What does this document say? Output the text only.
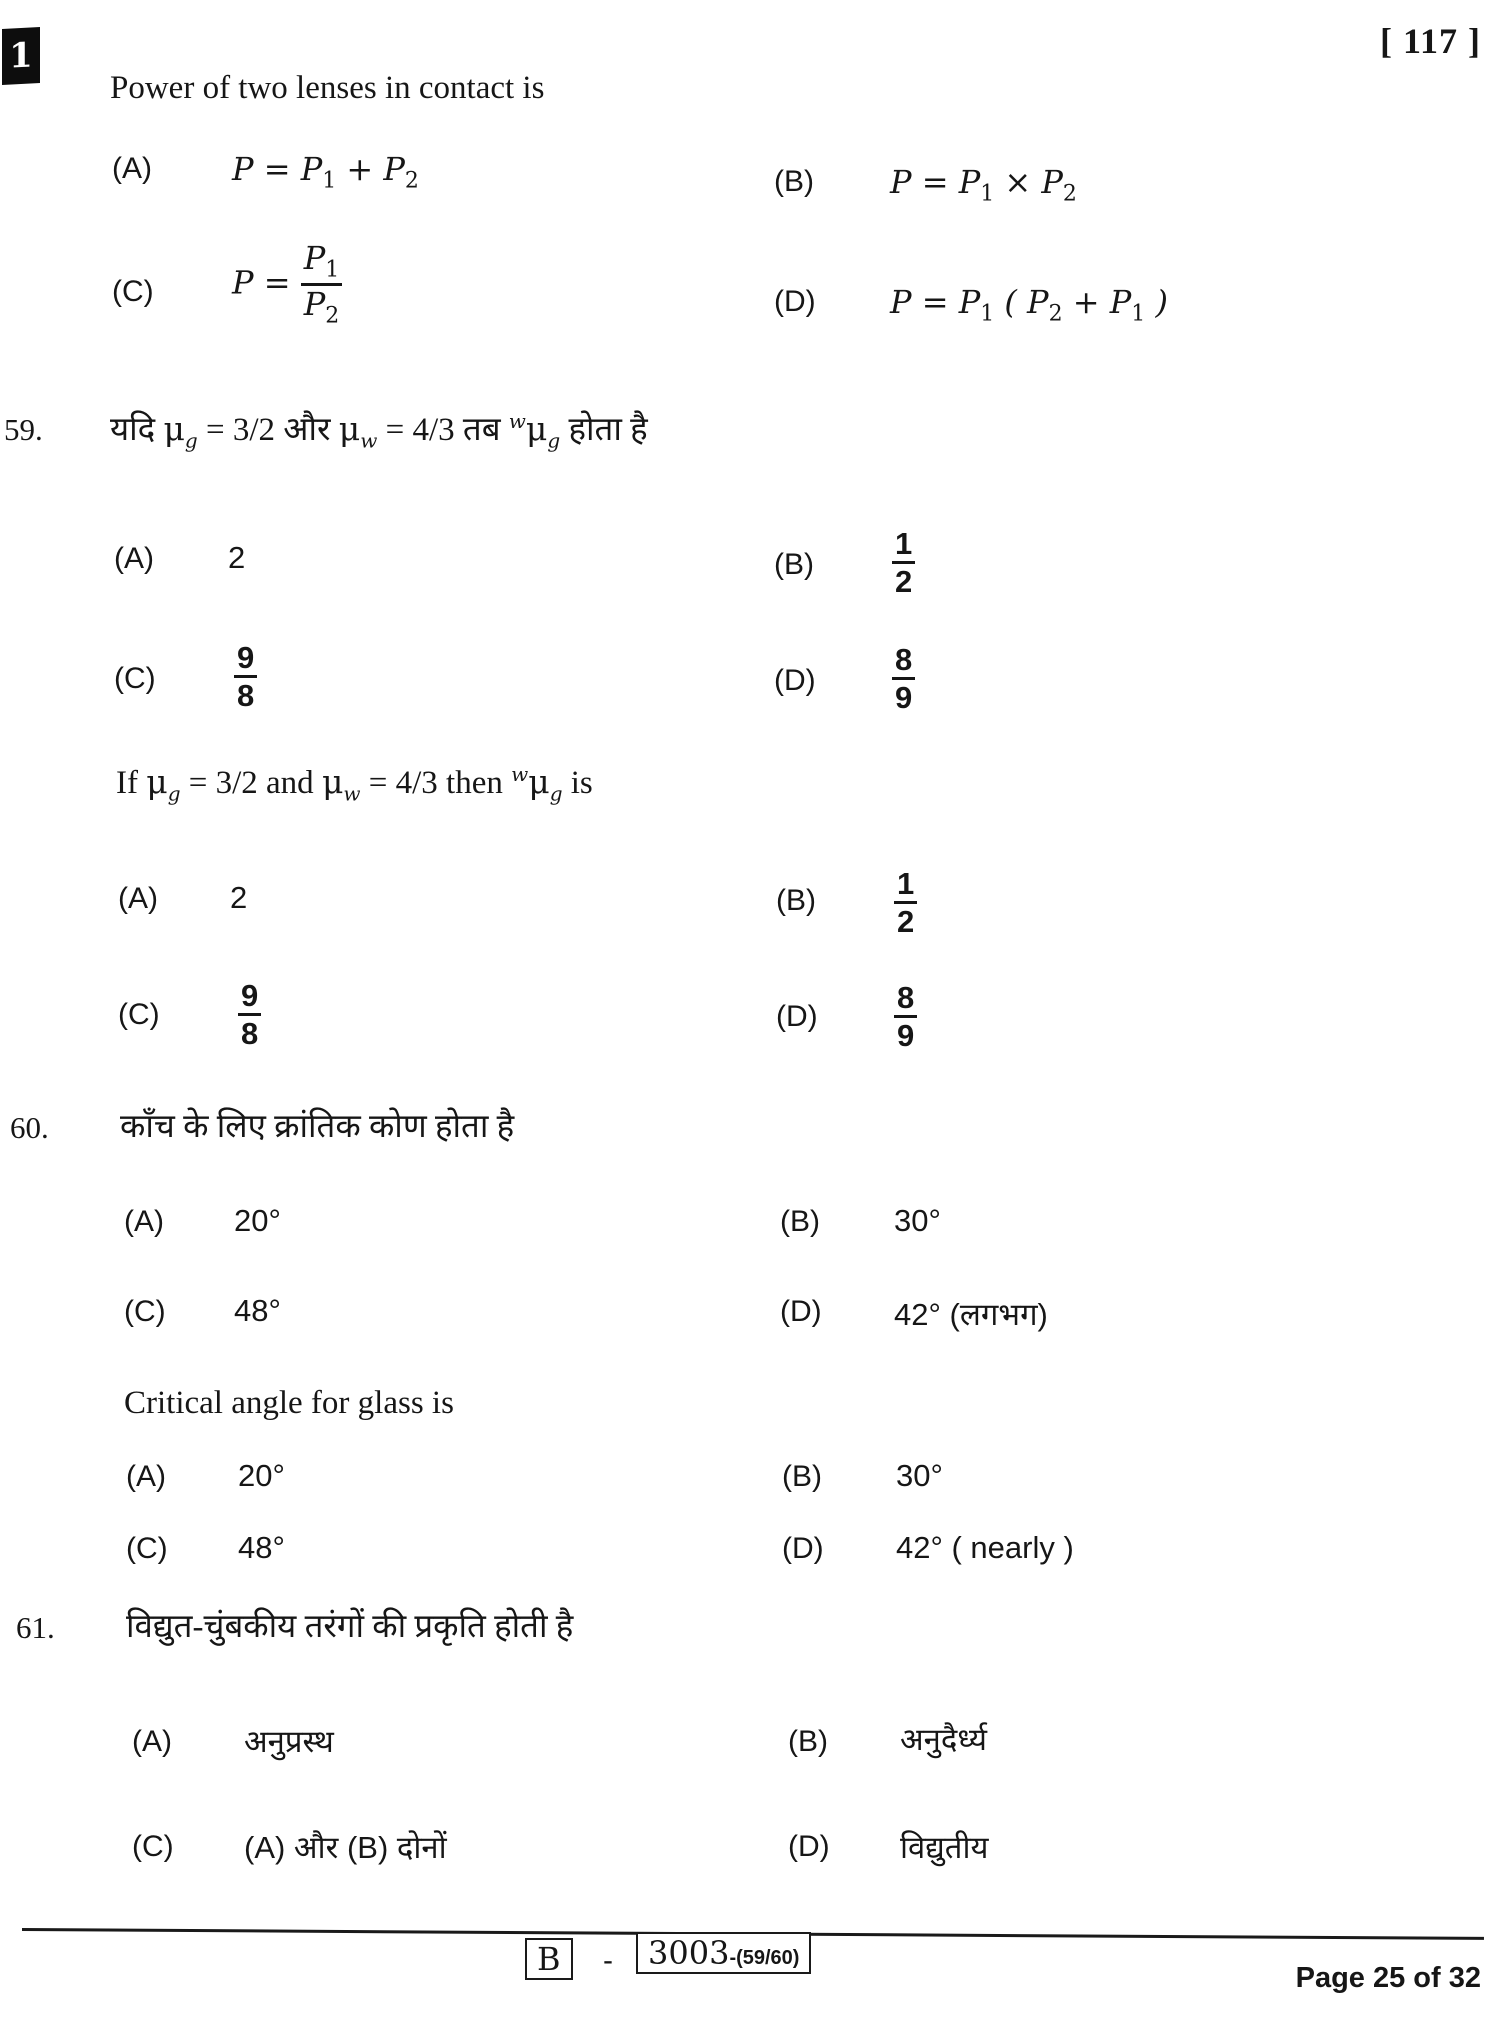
1	[ 117 ]
Power of two lenses in contact is
(A)	$P = P_1 + P_2$	(B) $P = P_1 \times P_2$
(C) $P = \frac{P_1}{P_2}$	(D) $P = P_1$ ( $P_2 + P_1$ )
59. यदि $\mu_g = 3/2$ और $\mu_w = 4/3$ तब $^w\mu_g$ होता है
(A) 2	(B)	$\frac{1}{2}$
(C)	$\frac{9}{8}$	$(D) \frac{8}{9}$
If $\mu_g = 3/2$ and $\mu_w = 4/3$ then $^w\mu_g$ is
(A) 2	(B)	$\frac{1}{2}$
(C)	$\frac{9}{8}$	$(D) \frac{8}{9}$
60. काँच के लिए क्रांतिक कोण होता है
(A) 20°	(B) 30°
(C) 48°	(D) 42° (लगभग)
Critical angle for glass is
(A) 20°	(B) 30°
(C) 48°	(D) 42° ( nearly )
61. विद्युत-चुंबकीय तरंगों की प्रकृति होती है
(A) अनुप्रस्थ	(B) अनुदैर्ध्य
(C) (A) और (B) दोनों	(D) विद्युतीय
B	-	3003-(59/60)
Page 25 of 32
